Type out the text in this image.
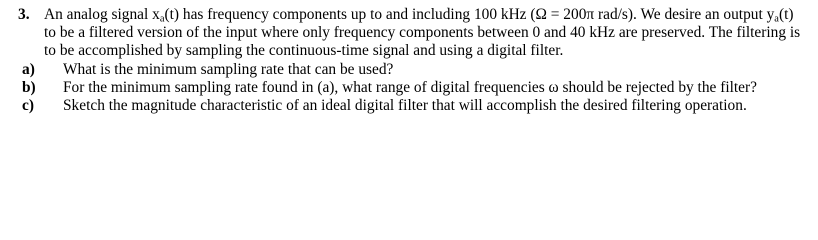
3. An analog signal $x_a(t)$ has frequency components up to and including 100 kHz (Ω = 200π rad/s). We desire an output $y_a(t)$ to be a filtered version of the input where only frequency components between 0 and 40 kHz are preserved. The filtering is to be accomplished by sampling the continuous-time signal and using a digital filter.
a)	What is the minimum sampling rate that can be used?
b)	For the minimum sampling rate found in (a), what range of digital frequencies ω should be rejected by the filter?
c)	Sketch the magnitude characteristic of an ideal digital filter that will accomplish the desired filtering operation.
